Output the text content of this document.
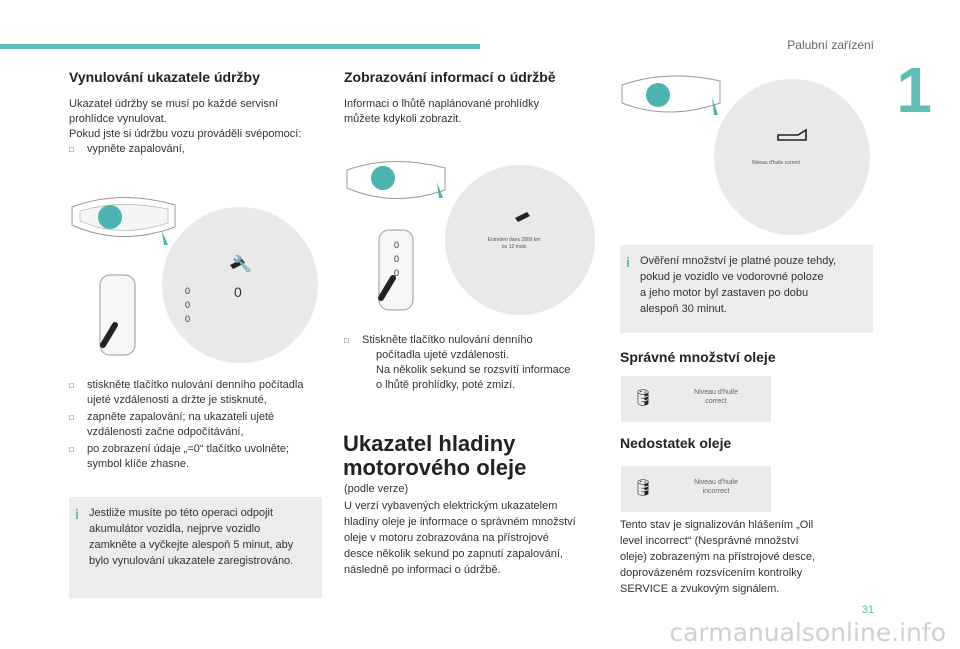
Palubní zařízení
1
31
carmanualsonline.info
Vynulování ukazatele údržby
Ukazatel údržby se musí po každé servisní
prohlídce vynulovat.
Pokud jste si údržbu vozu prováděli svépomocí:
□ vypněte zapalování,
0
0
0
🔧
0
□ stiskněte tlačítko nulování denního počítadla
ujeté vzdálenosti a držte je stisknuté,
□ zapněte zapalování; na ukazateli ujeté
vzdálenosti začne odpočítávání,
□ po zobrazení údaje „=0“ tlačítko uvolněte;
symbol klíče zhasne.
i Jestliže musíte po této operaci odpojit
akumulátor vozidla, nejprve vozidlo
zamkněte a vyčkejte alespoň 5 minut, aby
bylo vynulování ukazatele zaregistrováno.
Zobrazování informací o údržbě
Informaci o lhůtě naplánované prohlídky
můžete kdykoli zobrazit.
0
0
0
Entretien dans 2800 km
ou 12 mois
□ Stiskněte tlačítko nulování denního
počítadla ujeté vzdálenosti.
Na několik sekund se rozsvítí informace
o lhůtě prohlídky, poté zmizí.
Ukazatel hladiny
motorového oleje
(podle verze)
U verzí vybavených elektrickým ukazatelem
hladiny oleje je informace o správném množství
oleje v motoru zobrazována na přístrojové
desce několik sekund po zapnutí zapalování,
následně po informaci o údržbě.
Niveau d'huile correct
i Ověření množství je platné pouze tehdy,
pokud je vozidlo ve vodorovné poloze
a jeho motor byl zastaven po dobu
alespoň 30 minut.
Správné množství oleje
🛢	Niveau d'huile
correct
Nedostatek oleje
🛢	Niveau d'huile
incorrect
Tento stav je signalizován hlášením „Oil
level incorrect“ (Nesprávné množství
oleje) zobrazeným na přístrojové desce,
doprovázeném rozsvícením kontrolky
SERVICE a zvukovým signálem.
